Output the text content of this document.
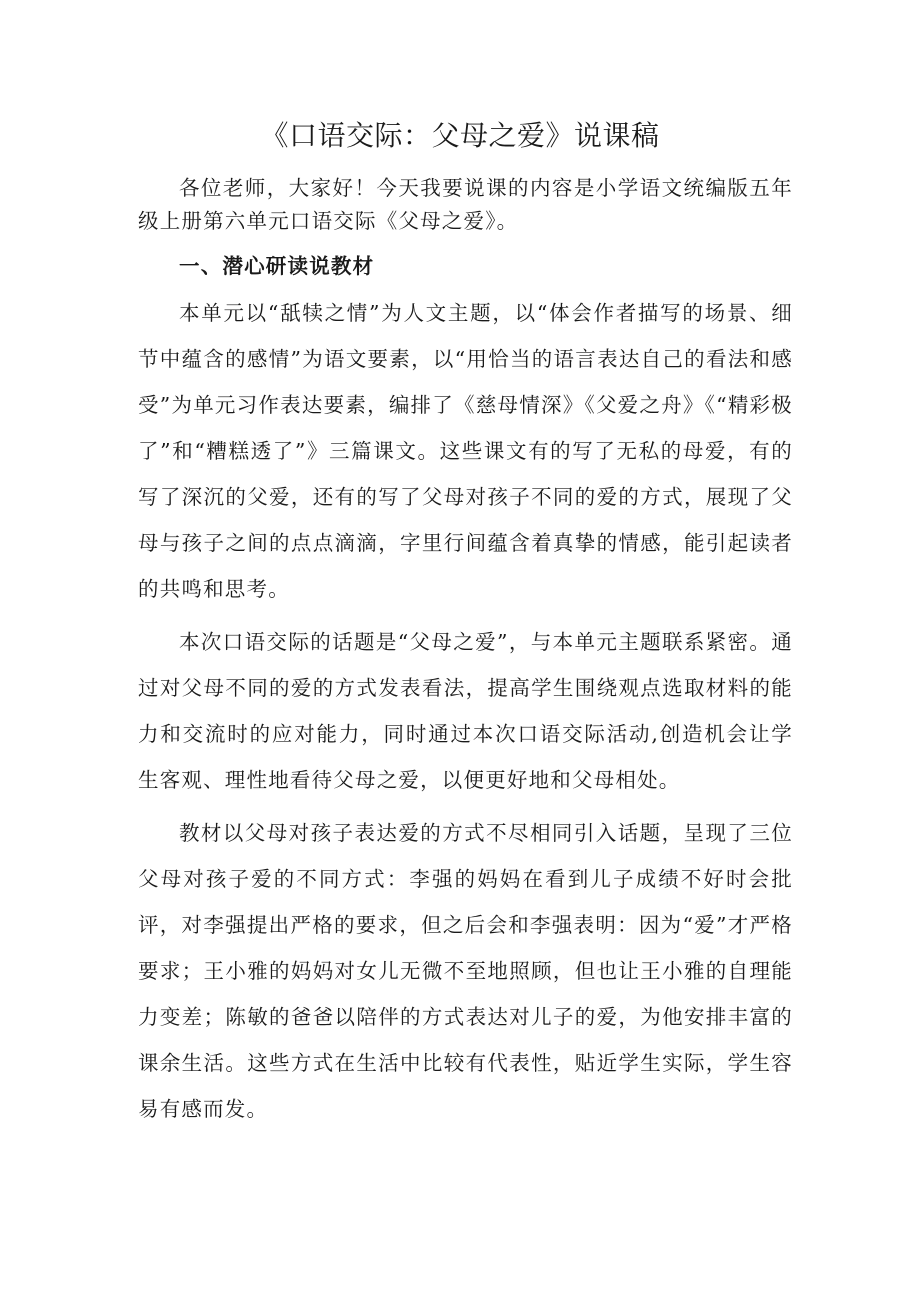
《口语交际：父母之爱》说课稿

各位老师，大家好！今天我要说课的内容是小学语文统编版五年级上册第六单元口语交际《父母之爱》。

一、潜心研读说教材

本单元以“舐犊之情”为人文主题，以“体会作者描写的场景、细节中蕴含的感情”为语文要素，以“用恰当的语言表达自己的看法和感受”为单元习作表达要素，编排了《慈母情深》《父爱之舟》《“精彩极了”和“糟糕透了”》三篇课文。这些课文有的写了无私的母爱，有的写了深沉的父爱，还有的写了父母对孩子不同的爱的方式，展现了父母与孩子之间的点点滴滴，字里行间蕴含着真挚的情感，能引起读者的共鸣和思考。

本次口语交际的话题是“父母之爱”，与本单元主题联系紧密。通过对父母不同的爱的方式发表看法，提高学生围绕观点选取材料的能力和交流时的应对能力，同时通过本次口语交际活动,创造机会让学生客观、理性地看待父母之爱，以便更好地和父母相处。

教材以父母对孩子表达爱的方式不尽相同引入话题，呈现了三位父母对孩子爱的不同方式：李强的妈妈在看到儿子成绩不好时会批评，对李强提出严格的要求，但之后会和李强表明：因为“爱”才严格要求；王小雅的妈妈对女儿无微不至地照顾，但也让王小雅的自理能力变差；陈敏的爸爸以陪伴的方式表达对儿子的爱，为他安排丰富的课余生活。这些方式在生活中比较有代表性，贴近学生实际，学生容易有感而发。
